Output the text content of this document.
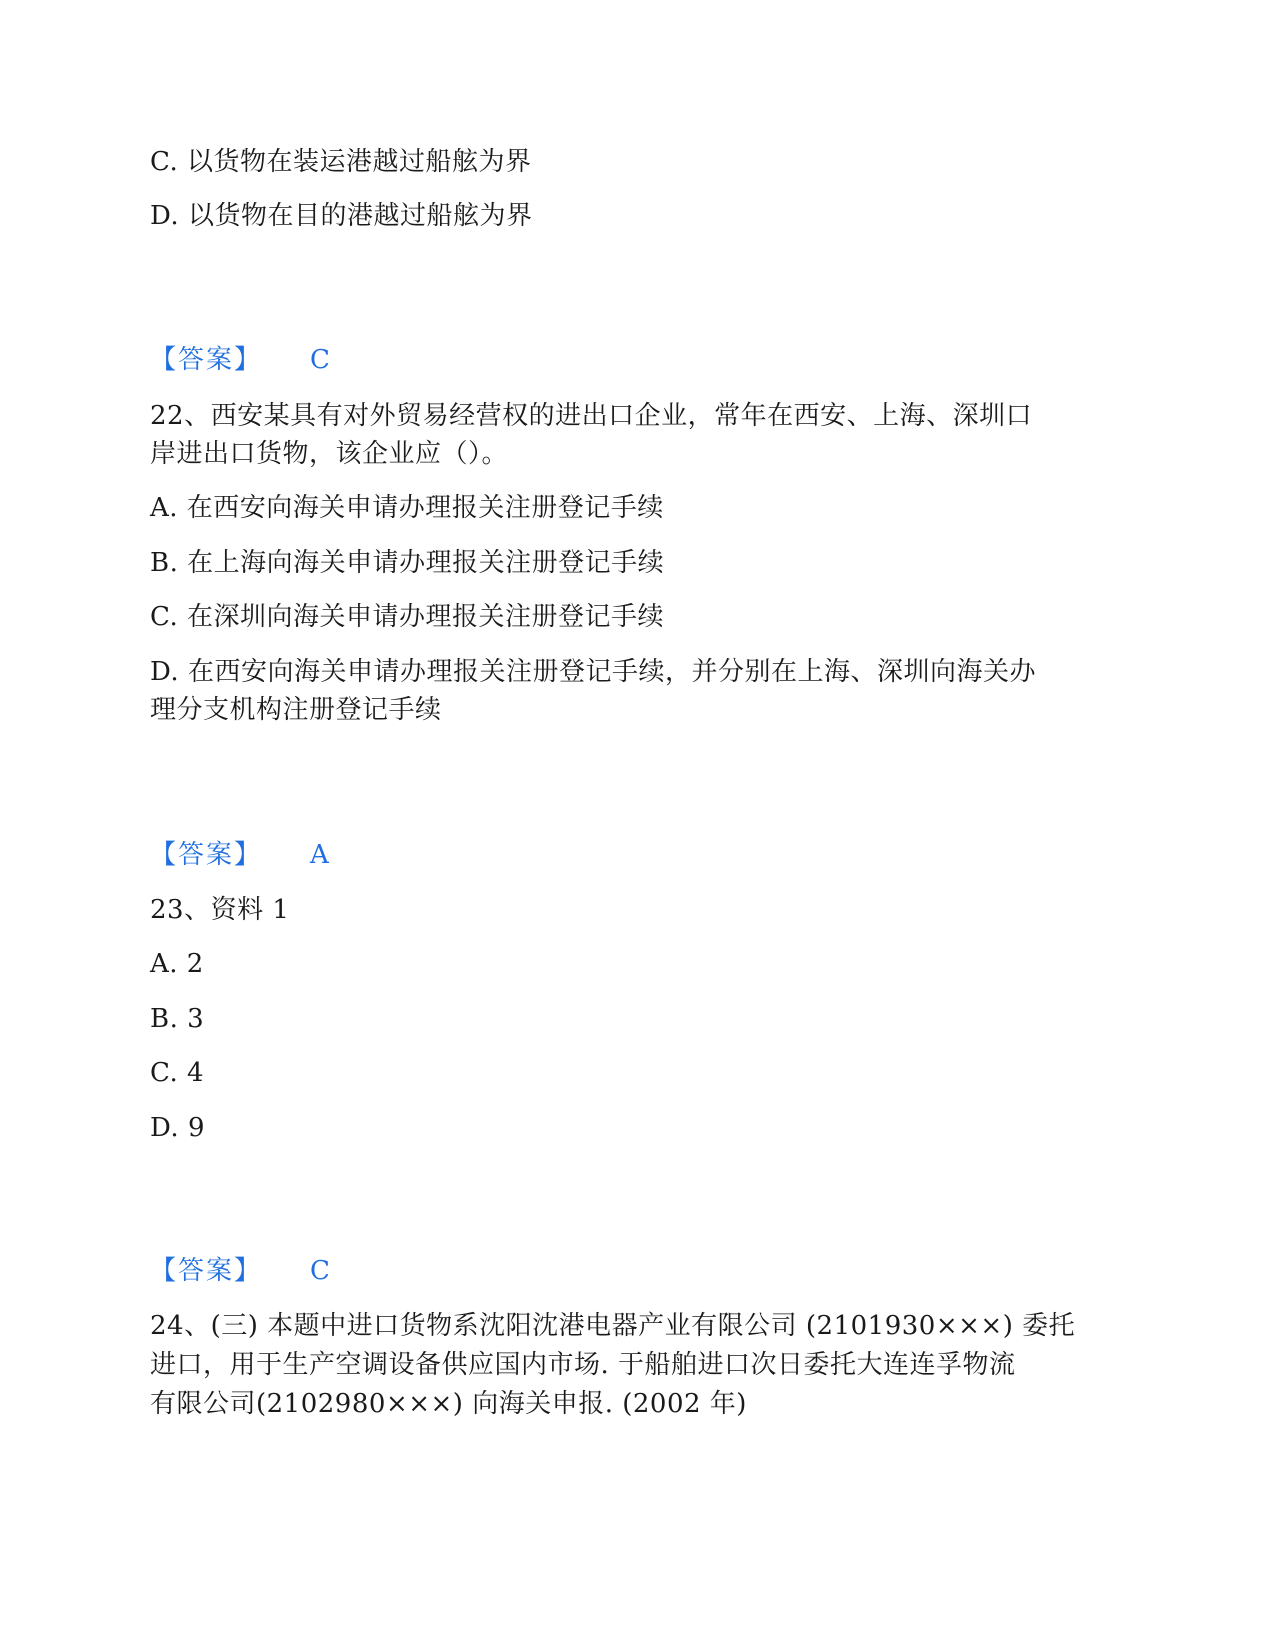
C. 以货物在装运港越过船舷为界
D. 以货物在目的港越过船舷为界
【答案】 C
22、西安某具有对外贸易经营权的进出口企业，常年在西安、上海、深圳口
岸进出口货物，该企业应（）。
A. 在西安向海关申请办理报关注册登记手续
B. 在上海向海关申请办理报关注册登记手续
C. 在深圳向海关申请办理报关注册登记手续
D. 在西安向海关申请办理报关注册登记手续，并分别在上海、深圳向海关办
理分支机构注册登记手续
【答案】 A
23、资料 1
A. 2
B. 3
C. 4
D. 9
【答案】 C
24、(三) 本题中进口货物系沈阳沈港电器产业有限公司 (2101930×××) 委托
进口，用于生产空调设备供应国内市场. 于船舶进口次日委托大连连孚物流
有限公司(2102980×××) 向海关申报. (2002 年)
